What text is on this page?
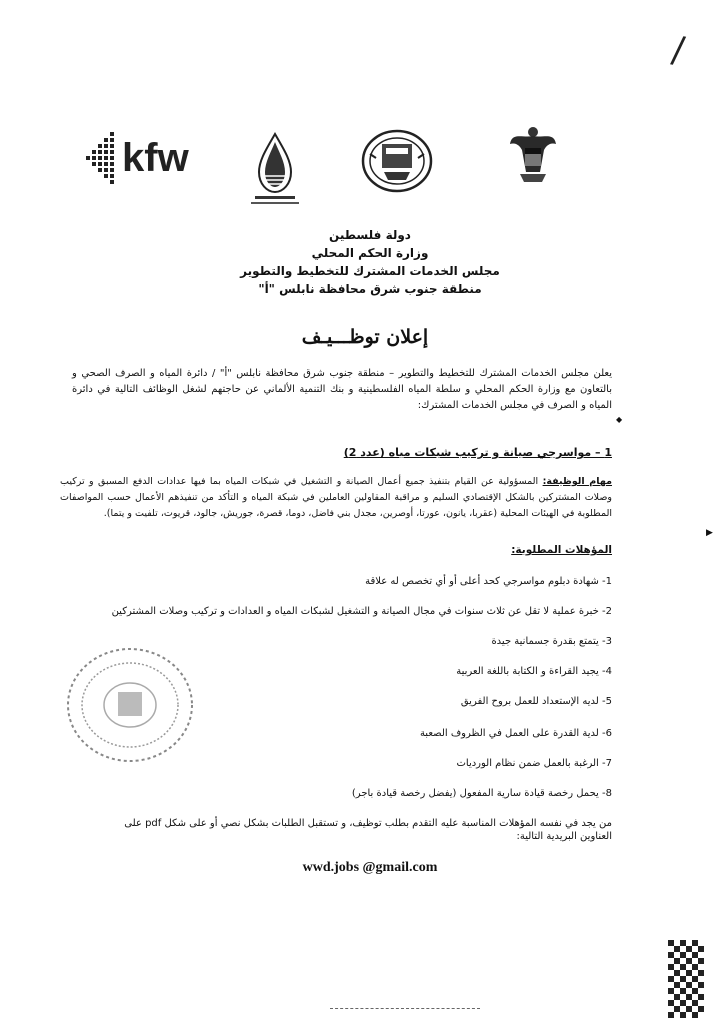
/
kfw
دولة فلسطين
وزارة الحكم المحلي
مجلس الخدمات المشترك للتخطيط والتطوير
منطقة جنوب شرق محافظة نابلس "أ"
إعلان توظـــيـف
يعلن مجلس الخدمات المشترك للتخطيط والتطوير – منطقة جنوب شرق محافظة نابلس "أ" / دائرة المياه و الصرف الصحي و بالتعاون مع وزارة الحكم المحلي و سلطة المياه الفلسطينية و بنك التنمية الألماني عن حاجتهم لشغل الوظائف التالية في دائرة المياه و الصرف في مجلس الخدمات المشترك:
◆
▶
1 – مواسرجي صيانة و تركيب شبكات مياه (عدد 2)
مهام الوظيفة: المسؤولية عن القيام بتنفيذ جميع أعمال الصيانة و التشغيل في شبكات المياه بما فيها عدادات الدفع المسبق و تركيب وصلات المشتركين بالشكل الإقتصادي السليم و مراقبة المقاولين العاملين في شبكة المياه و التأكد من تنفيذهم الأعمال حسب المواصفات المطلوبة في الهيئات المحلية (عقربا، يانون، عورتا، أوصرين، مجدل بني فاضل، دوما، قصرة، جوريش، جالود، قريوت، تلفيت و يتما).
المؤهلات المطلوبة:
1- شهادة دبلوم مواسرجي كحد أعلى أو أي تخصص له علاقة
2- خبرة عملية لا تقل عن ثلاث سنوات في مجال الصيانة و التشغيل لشبكات المياه و العدادات و تركيب وصلات المشتركين
3- يتمتع بقدرة جسمانية جيدة
4- يجيد القراءة و الكتابة باللغة العربية
5- لديه الإستعداد للعمل بروح الفريق
6- لدية القدرة على العمل في الظروف الصعبة
7- الرغبة بالعمل ضمن نظام الورديات
8- يحمل رخصة قيادة سارية المفعول (يفضل رخصة قيادة باجر)
من يجد في نفسه المؤهلات المناسبة عليه التقدم بطلب توظيف، و تستقبل الطلبات بشكل نصي أو على شكل pdf على العناوين البريدية التالية:
wwd.jobs @gmail.com
